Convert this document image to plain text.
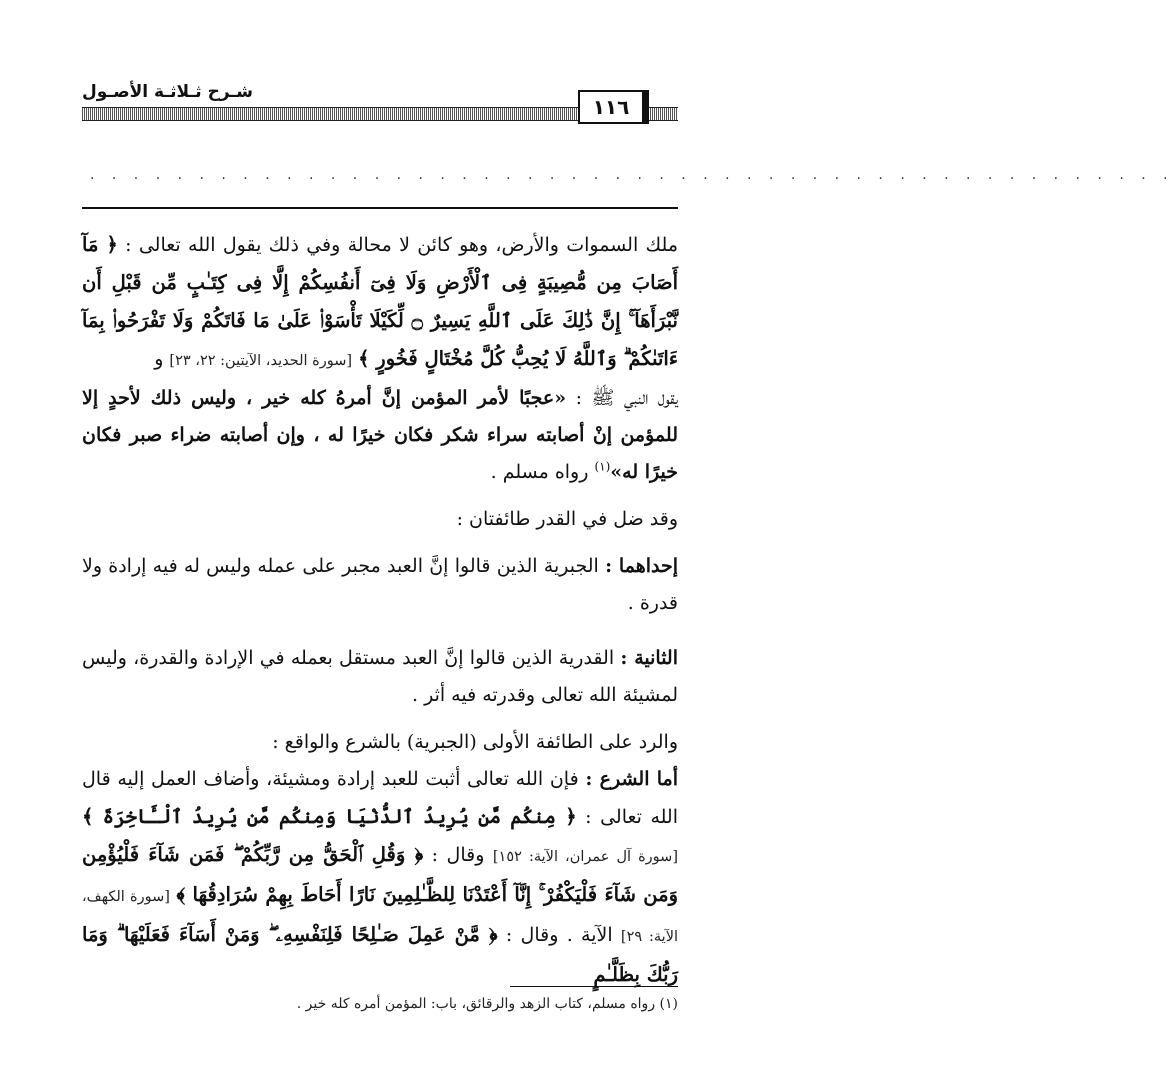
شـرح ثـلاثـة الأصـول
١١٦
. . . . . . . . . . . . . . . . . . . . . . . . . . . . . . . . . . . . . . . . . . . . . . . . . .

ملك السموات والأرض، وهو كائن لا محالة وفي ذلك يقول الله تعالى : ﴿ مَآ أَصَابَ مِن مُّصِيبَةٍ فِى ٱلْأَرْضِ وَلَا فِىٓ أَنفُسِكُمْ إِلَّا فِى كِتَـٰبٍ مِّن قَبْلِ أَن نَّبْرَأَهَآ ۚ إِنَّ ذَٰلِكَ عَلَى ٱللَّهِ يَسِيرٌ ۝ لِّكَيْلَا تَأْسَوْا۟ عَلَىٰ مَا فَاتَكُمْ وَلَا تَفْرَحُوا۟ بِمَآ ءَاتَىٰكُمْ ۗ وَٱللَّهُ لَا يُحِبُّ كُلَّ مُخْتَالٍ فَخُورٍ ﴾ [سورة الحديد، الآيتين: ٢٢، ٢٣] و

يقول النبي ﷺ : «عجبًا لأمر المؤمن إنَّ أمرهُ كله خير ، وليس ذلك لأحدٍ إلا للمؤمن إنْ أصابته سراء شكر فكان خيرًا له ، وإن أصابته ضراء صبر فكان خيرًا له»$^{(١)}$ رواه مسلم .

وقد ضل في القدر طائفتان :

إحداهما : الجبرية الذين قالوا إنَّ العبد مجبر على عمله وليس له فيه إرادة ولا قدرة .

الثانية : القدرية الذين قالوا إنَّ العبد مستقل بعمله في الإرادة والقدرة، وليس لمشيئة الله تعالى وقدرته فيه أثر .

والرد على الطائفة الأولى (الجبرية) بالشرع والواقع :

أما الشرع : فإن الله تعالى أثبت للعبد إرادة ومشيئة، وأضاف العمل إليه قال الله تعالى : ﴿ مِنكُم مَّن يُرِيدُ ٱلدُّنْيَا وَمِنكُم مَّن يُرِيدُ ٱلْـَٔاخِرَةَ ﴾ [سورة آل عمران، الآية: ١٥٢] وقال : ﴿ وَقُلِ ٱلْحَقُّ مِن رَّبِّكُمْ ۖ فَمَن شَآءَ فَلْيُؤْمِن وَمَن شَآءَ فَلْيَكْفُرْ ۚ إِنَّآ أَعْتَدْنَا لِلظَّـٰلِمِينَ نَارًا أَحَاطَ بِهِمْ سُرَادِقُهَا ﴾ [سورة الكهف، الآية: ٢٩] الآية . وقال : ﴿ مَّنْ عَمِلَ صَـٰلِحًا فَلِنَفْسِهِۦ ۖ وَمَنْ أَسَآءَ فَعَلَيْهَا ۗ وَمَا رَبُّكَ بِظَلَّـٰمٍ

(١) رواه مسلم، كتاب الزهد والرقائق، باب: المؤمن أمره كله خير .
